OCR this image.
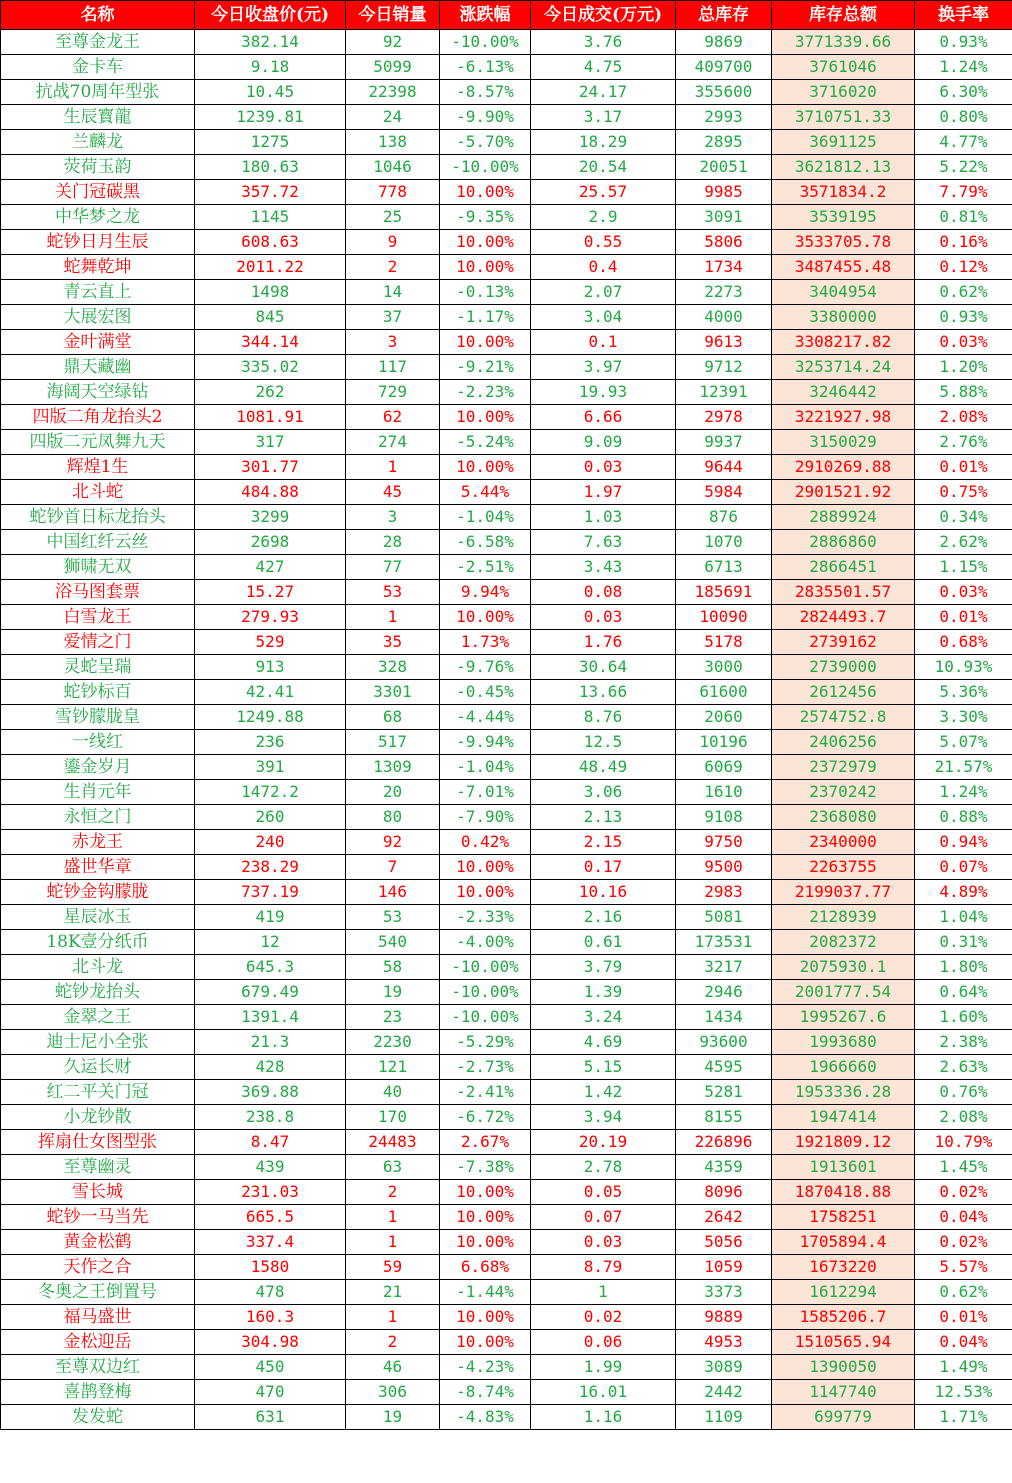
名称	今日收盘价(元)	今日销量	涨跌幅	今日成交(万元)	总库存	库存总额	换手率
至尊金龙王	382.14	92	-10.00%	3.76	9869	3771339.66	0.93%
金卡车	9.18	5099	-6.13%	4.75	409700	3761046	1.24%
抗战70周年型张	10.45	22398	-8.57%	24.17	355600	3716020	6.30%
生辰寳龍	1239.81	24	-9.90%	3.17	2993	3710751.33	0.80%
兰麟龙	1275	138	-5.70%	18.29	2895	3691125	4.77%
荧荷玉韵	180.63	1046	-10.00%	20.54	20051	3621812.13	5.22%
关门冠碳黑	357.72	778	10.00%	25.57	9985	3571834.2	7.79%
中华梦之龙	1145	25	-9.35%	2.9	3091	3539195	0.81%
蛇钞日月生辰	608.63	9	10.00%	0.55	5806	3533705.78	0.16%
蛇舞乾坤	2011.22	2	10.00%	0.4	1734	3487455.48	0.12%
青云直上	1498	14	-0.13%	2.07	2273	3404954	0.62%
大展宏图	845	37	-1.17%	3.04	4000	3380000	0.93%
金叶满堂	344.14	3	10.00%	0.1	9613	3308217.82	0.03%
鼎天藏幽	335.02	117	-9.21%	3.97	9712	3253714.24	1.20%
海阔天空绿钻	262	729	-2.23%	19.93	12391	3246442	5.88%
四版二角龙抬头2	1081.91	62	10.00%	6.66	2978	3221927.98	2.08%
四版二元凤舞九天	317	274	-5.24%	9.09	9937	3150029	2.76%
辉煌1生	301.77	1	10.00%	0.03	9644	2910269.88	0.01%
北斗蛇	484.88	45	5.44%	1.97	5984	2901521.92	0.75%
蛇钞首日标龙抬头	3299	3	-1.04%	1.03	876	2889924	0.34%
中国红纤云丝	2698	28	-6.58%	7.63	1070	2886860	2.62%
狮啸无双	427	77	-2.51%	3.43	6713	2866451	1.15%
浴马图套票	15.27	53	9.94%	0.08	185691	2835501.57	0.03%
白雪龙王	279.93	1	10.00%	0.03	10090	2824493.7	0.01%
爱情之门	529	35	1.73%	1.76	5178	2739162	0.68%
灵蛇呈瑞	913	328	-9.76%	30.64	3000	2739000	10.93%
蛇钞标百	42.41	3301	-0.45%	13.66	61600	2612456	5.36%
雪钞朦胧皇	1249.88	68	-4.44%	8.76	2060	2574752.8	3.30%
一线红	236	517	-9.94%	12.5	10196	2406256	5.07%
鎏金岁月	391	1309	-1.04%	48.49	6069	2372979	21.57%
生肖元年	1472.2	20	-7.01%	3.06	1610	2370242	1.24%
永恒之门	260	80	-7.90%	2.13	9108	2368080	0.88%
赤龙王	240	92	0.42%	2.15	9750	2340000	0.94%
盛世华章	238.29	7	10.00%	0.17	9500	2263755	0.07%
蛇钞金钩朦胧	737.19	146	10.00%	10.16	2983	2199037.77	4.89%
星辰冰玉	419	53	-2.33%	2.16	5081	2128939	1.04%
18K壹分纸币	12	540	-4.00%	0.61	173531	2082372	0.31%
北斗龙	645.3	58	-10.00%	3.79	3217	2075930.1	1.80%
蛇钞龙抬头	679.49	19	-10.00%	1.39	2946	2001777.54	0.64%
金翠之王	1391.4	23	-10.00%	3.24	1434	1995267.6	1.60%
迪士尼小全张	21.3	2230	-5.29%	4.69	93600	1993680	2.38%
久运长财	428	121	-2.73%	5.15	4595	1966660	2.63%
红二平关门冠	369.88	40	-2.41%	1.42	5281	1953336.28	0.76%
小龙钞散	238.8	170	-6.72%	3.94	8155	1947414	2.08%
挥扇仕女图型张	8.47	24483	2.67%	20.19	226896	1921809.12	10.79%
至尊幽灵	439	63	-7.38%	2.78	4359	1913601	1.45%
雪长城	231.03	2	10.00%	0.05	8096	1870418.88	0.02%
蛇钞一马当先	665.5	1	10.00%	0.07	2642	1758251	0.04%
黄金松鹤	337.4	1	10.00%	0.03	5056	1705894.4	0.02%
天作之合	1580	59	6.68%	8.79	1059	1673220	5.57%
冬奥之王倒置号	478	21	-1.44%	1	3373	1612294	0.62%
福马盛世	160.3	1	10.00%	0.02	9889	1585206.7	0.01%
金松迎岳	304.98	2	10.00%	0.06	4953	1510565.94	0.04%
至尊双边红	450	46	-4.23%	1.99	3089	1390050	1.49%
喜鹊登梅	470	306	-8.74%	16.01	2442	1147740	12.53%
发发蛇	631	19	-4.83%	1.16	1109	699779	1.71%
